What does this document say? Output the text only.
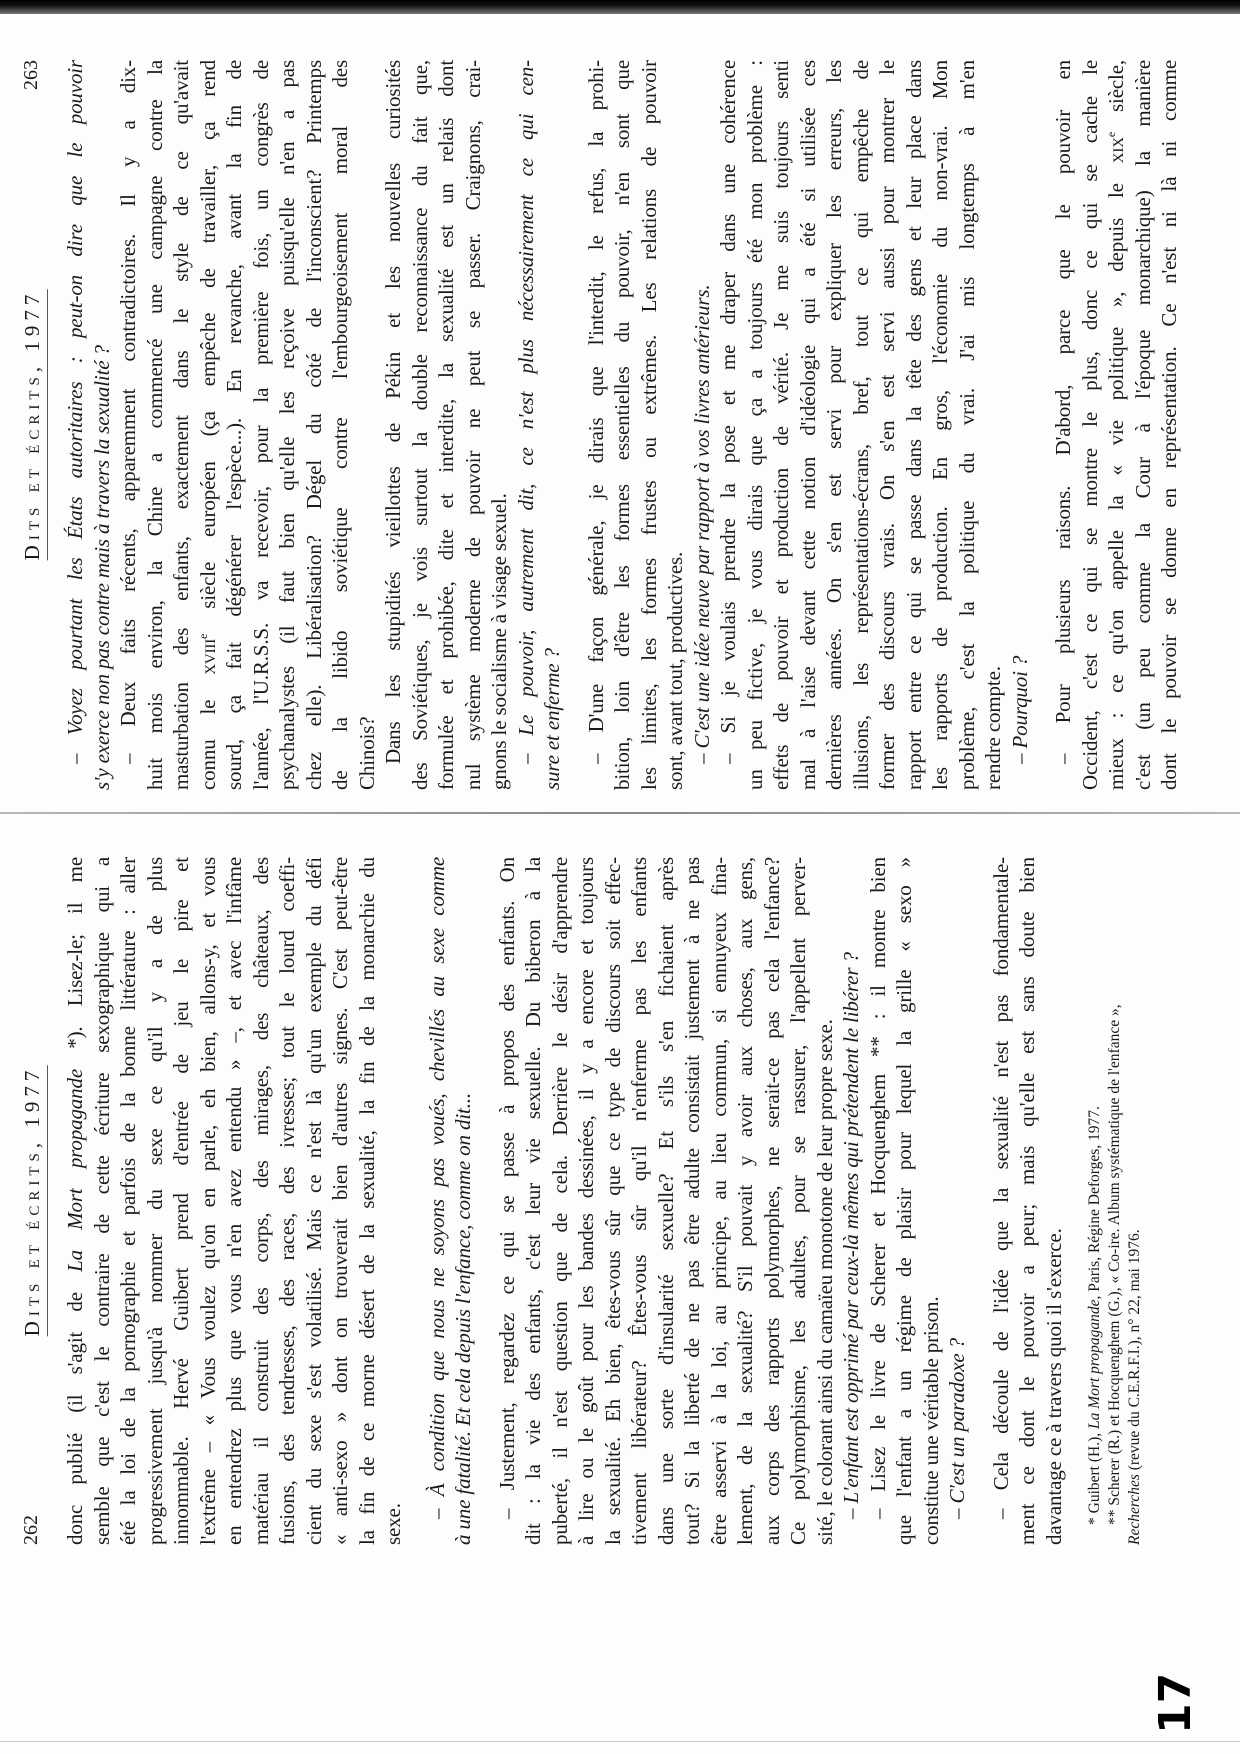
262
Dits et écrits, 1977
donc publié (il s'agit de La Mort propagande *). Lisez-le; il me semble que c'est le contraire de cette écriture sexographique qui a été la loi de la pornographie et parfois de la bonne littérature : aller progressivement jusqu'à nommer du sexe ce qu'il y a de plus innommable. Hervé Guibert prend d'entrée de jeu le pire et l'extrême – « Vous voulez qu'on en parle, eh bien, allons-y, et vous en entendrez plus que vous n'en avez entendu » –, et avec l'infâme matériau il construit des corps, des mirages, des châteaux, des fusions, des tendresses, des races, des ivresses; tout le lourd coeffi- cient du sexe s'est volatilisé. Mais ce n'est là qu'un exemple du défi « anti-sexo » dont on trouverait bien d'autres signes. C'est peut-être la fin de ce morne désert de la sexualité, la fin de la monarchie du sexe. – À condition que nous ne soyons pas voués, chevillés au sexe comme à une fatalité. Et cela depuis l'enfance, comme on dit... – Justement, regardez ce qui se passe à propos des enfants. On dit : la vie des enfants, c'est leur vie sexuelle. Du biberon à la puberté, il n'est question que de cela. Derrière le désir d'apprendre à lire ou le goût pour les bandes dessinées, il y a encore et toujours la sexualité. Eh bien, êtes-vous sûr que ce type de discours soit effec- tivement libérateur? Êtes-vous sûr qu'il n'enferme pas les enfants dans une sorte d'insularité sexuelle? Et s'ils s'en fichaient après tout? Si la liberté de ne pas être adulte consistait justement à ne pas être asservi à la loi, au principe, au lieu commun, si ennuyeux fina- lement, de la sexualité? S'il pouvait y avoir aux choses, aux gens, aux corps des rapports polymorphes, ne serait-ce pas cela l'enfance? Ce polymorphisme, les adultes, pour se rassurer, l'appellent perver- sité, le colorant ainsi du camaïeu monotone de leur propre sexe. – L'enfant est opprimé par ceux-là mêmes qui prétendent le libérer ? – Lisez le livre de Scherer et Hocquenghem ** : il montre bien que l'enfant a un régime de plaisir pour lequel la grille « sexo » constitue une véritable prison. – C'est un paradoxe ? – Cela découle de l'idée que la sexualité n'est pas fondamentale- ment ce dont le pouvoir a peur; mais qu'elle est sans doute bien davantage ce à travers quoi il s'exerce. * Guibert (H.), La Mort propagande, Paris, Régine Deforges, 1977. ** Scherer (R.) et Hocquenghem (G.), « Co-ire. Album systématique de l'enfance », Recherches (revue du C.E.R.F.I.), n° 22, mai 1976.
Dits et écrits, 1977
263
– Voyez pourtant les États autoritaires : peut-on dire que le pouvoir s'y exerce non pas contre mais à travers la sexualité ? – Deux faits récents, apparemment contradictoires. Il y a dix- huit mois environ, la Chine a commencé une campagne contre la masturbation des enfants, exactement dans le style de ce qu'avait connu le xviii$^e$ siècle européen (ça empêche de travailler, ça rend sourd, ça fait dégénérer l'espèce...). En revanche, avant la fin de l'année, l'U.R.S.S. va recevoir, pour la première fois, un congrès de psychanalystes (il faut bien qu'elle les reçoive puisqu'elle n'en a pas chez elle). Libéralisation? Dégel du côté de l'inconscient? Printemps de la libido soviétique contre l'embourgeoisement moral des Chinois? Dans les stupidités vieillottes de Pékin et les nouvelles curiosités des Soviétiques, je vois surtout la double reconnaissance du fait que, formulée et prohibée, dite et interdite, la sexualité est un relais dont nul système moderne de pouvoir ne peut se passer. Craignons, crai- gnons le socialisme à visage sexuel. – Le pouvoir, autrement dit, ce n'est plus nécessairement ce qui cen- sure et enferme ? – D'une façon générale, je dirais que l'interdit, le refus, la prohi- bition, loin d'être les formes essentielles du pouvoir, n'en sont que les limites, les formes frustes ou extrêmes. Les relations de pouvoir sont, avant tout, productives. – C'est une idée neuve par rapport à vos livres antérieurs. – Si je voulais prendre la pose et me draper dans une cohérence un peu fictive, je vous dirais que ça a toujours été mon problème : effets de pouvoir et production de vérité. Je me suis toujours senti mal à l'aise devant cette notion d'idéologie qui a été si utilisée ces dernières années. On s'en est servi pour expliquer les erreurs, les illusions, les représentations-écrans, bref, tout ce qui empêche de former des discours vrais. On s'en est servi aussi pour montrer le rapport entre ce qui se passe dans la tête des gens et leur place dans les rapports de production. En gros, l'économie du non-vrai. Mon problème, c'est la politique du vrai. J'ai mis longtemps à m'en rendre compte. – Pourquoi ? – Pour plusieurs raisons. D'abord, parce que le pouvoir en Occident, c'est ce qui se montre le plus, donc ce qui se cache le mieux : ce qu'on appelle la « vie politique », depuis le xix$^e$ siècle, c'est (un peu comme la Cour à l'époque monarchique) la manière dont le pouvoir se donne en représentation. Ce n'est ni là ni comme
17
